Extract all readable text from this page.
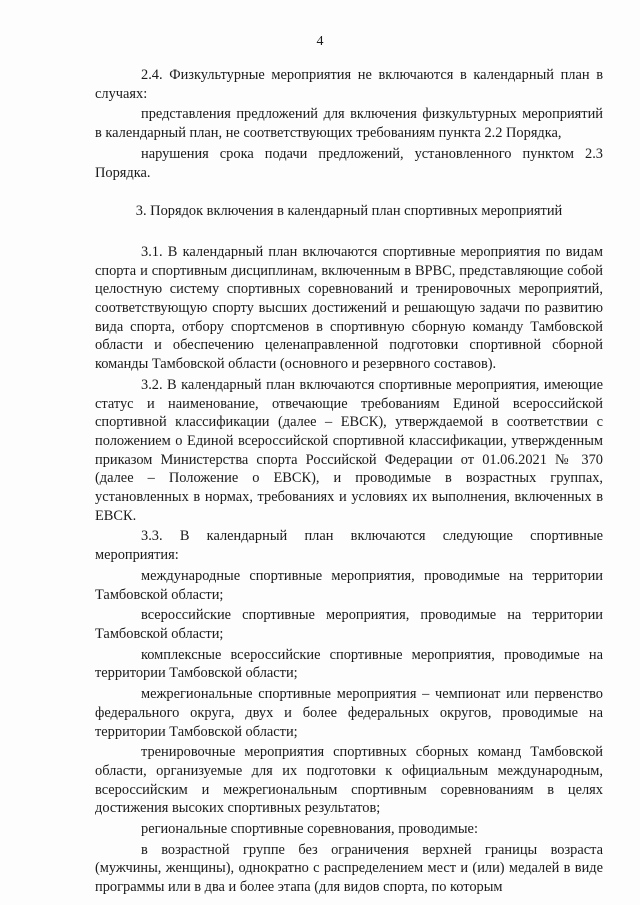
4

2.4. Физкультурные мероприятия не включаются в календарный план в случаях:

представления предложений для включения физкультурных мероприятий в календарный план, не соответствующих требованиям пункта 2.2 Порядка,

нарушения срока подачи предложений, установленного пунктом 2.3 Порядка.

3. Порядок включения в календарный план спортивных мероприятий

3.1. В календарный план включаются спортивные мероприятия по видам спорта и спортивным дисциплинам, включенным в ВРВС, представляющие собой целостную систему спортивных соревнований и тренировочных мероприятий, соответствующую спорту высших достижений и решающую задачи по развитию вида спорта, отбору спортсменов в спортивную сборную команду Тамбовской области и обеспечению целенаправленной подготовки спортивной сборной команды Тамбовской области (основного и резервного составов).

3.2. В календарный план включаются спортивные мероприятия, имеющие статус и наименование, отвечающие требованиям Единой всероссийской спортивной классификации (далее – ЕВСК), утверждаемой в соответствии с положением о Единой всероссийской спортивной классификации, утвержденным приказом Министерства спорта Российской Федерации от 01.06.2021 № 370 (далее – Положение о ЕВСК), и проводимые в возрастных группах, установленных в нормах, требованиях и условиях их выполнения, включенных в ЕВСК.

3.3. В календарный план включаются следующие спортивные мероприятия:

международные спортивные мероприятия, проводимые на территории Тамбовской области;

всероссийские спортивные мероприятия, проводимые на территории Тамбовской области;

комплексные всероссийские спортивные мероприятия, проводимые на территории Тамбовской области;

межрегиональные спортивные мероприятия – чемпионат или первенство федерального округа, двух и более федеральных округов, проводимые на территории Тамбовской области;

тренировочные мероприятия спортивных сборных команд Тамбовской области, организуемые для их подготовки к официальным международным, всероссийским и межрегиональным спортивным соревнованиям в целях достижения высоких спортивных результатов;

региональные спортивные соревнования, проводимые:

в возрастной группе без ограничения верхней границы возраста (мужчины, женщины), однократно с распределением мест и (или) медалей в виде программы или в два и более этапа (для видов спорта, по которым
